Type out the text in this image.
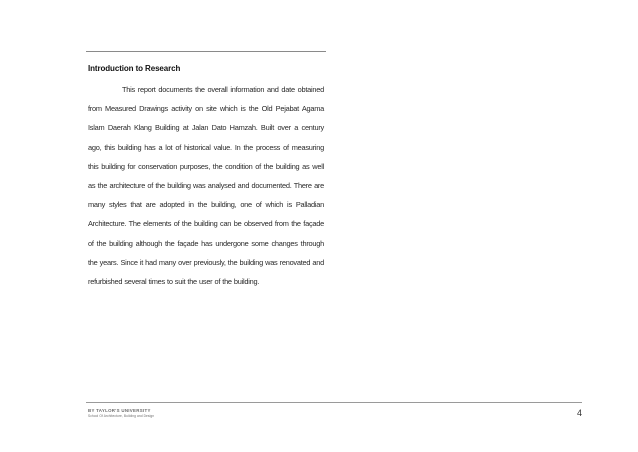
Introduction to Research

This report documents the overall information and date obtained from Measured Drawings activity on site which is the Old Pejabat Agama Islam Daerah Klang Building at Jalan Dato Hamzah. Built over a century ago, this building has a lot of historical value. In the process of measuring this building for conservation purposes, the condition of the building as well as the architecture of the building was analysed and documented. There are many styles that are adopted in the building, one of which is Palladian Architecture. The elements of the building can be observed from the façade of the building although the façade has undergone some changes through the years. Since it had many over previously, the building was renovated and refurbished several times to suit the user of the building.

BY TAYLOR'S UNIVERSITY
School Of Architecture, Building and Design	4
